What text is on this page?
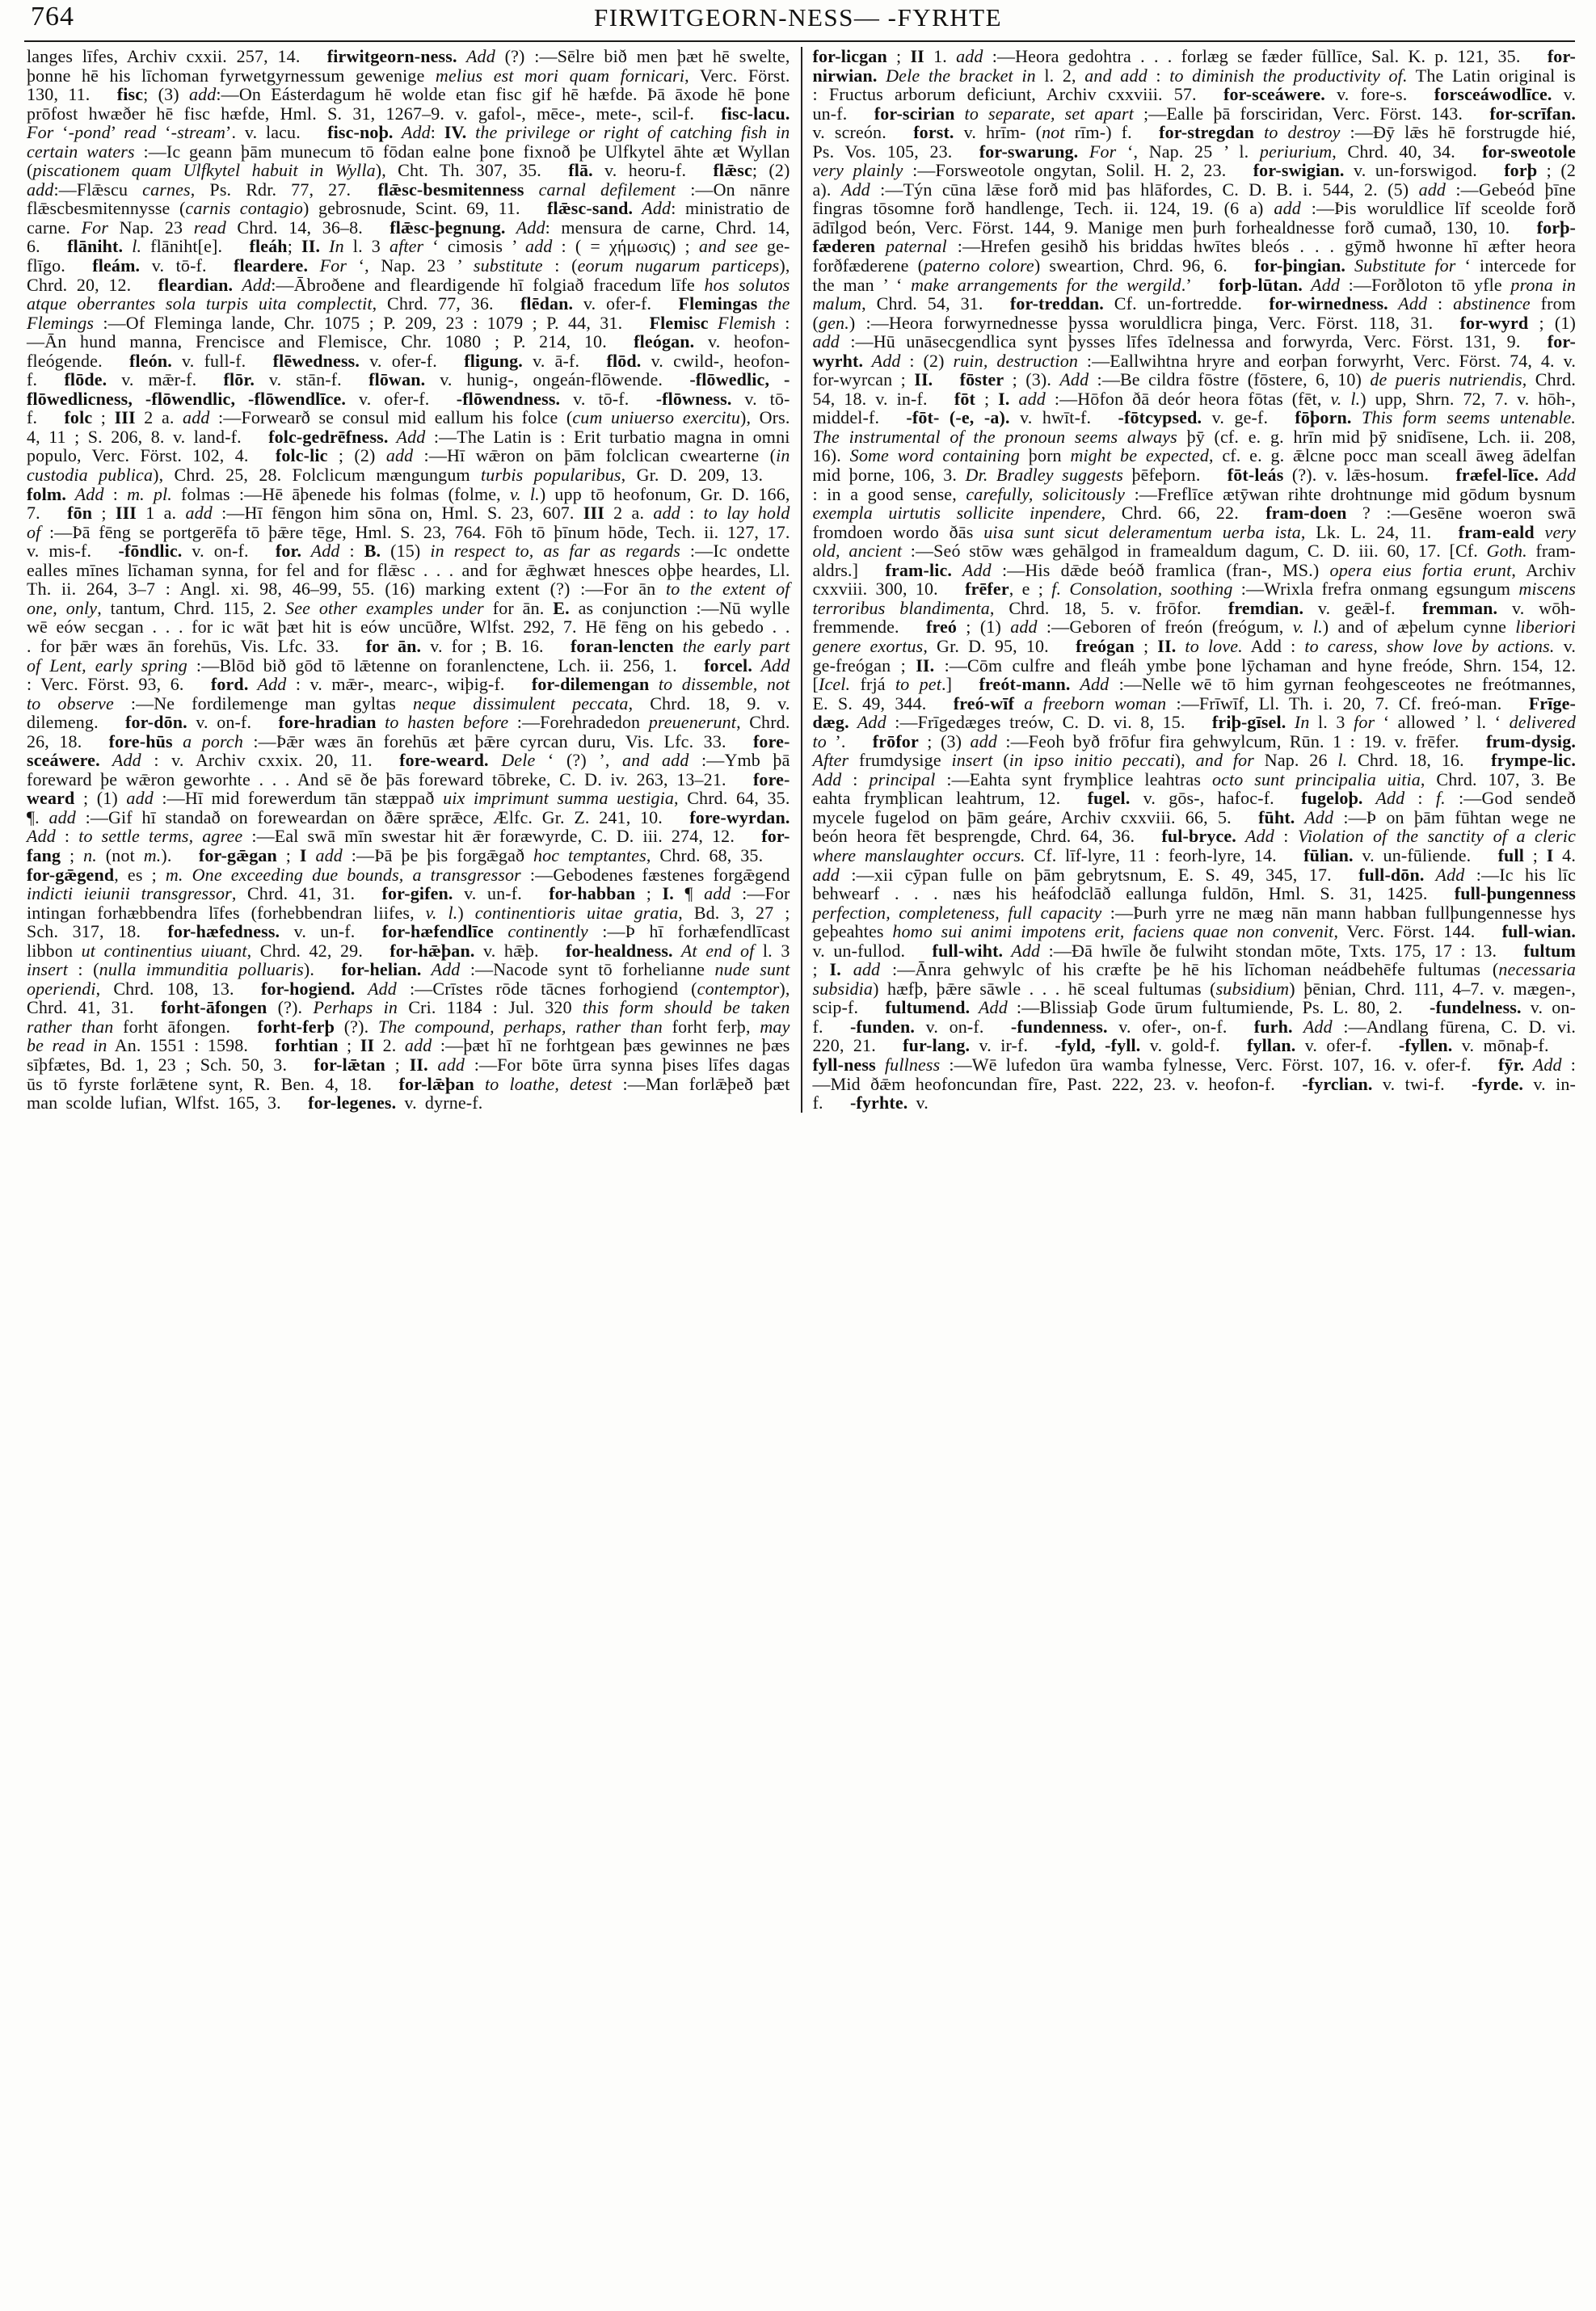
764	FIRWITGEORN-NESS— -FYRHTE
langes līfes, Archiv cxxii. 257, 14.   firwitgeorn-ness. Add (?) :—Sēlre bið men þæt hē swelte, þonne hē his līchoman fyrwetgyrnessum gewenige melius est mori quam fornicari, Verc. Först. 130, 11.   fisc; (3) add:—On Eásterdagum hē wolde etan fisc gif hē hæfde. Þā āxode hē þone prōfost hwæðer hē fisc hæfde, Hml. S. 31, 1267–9. v. gafol-, mēce-, mete-, scil-f.   fisc-lacu. For ‘-pond’ read ‘-stream’. v. lacu.   fisc-noþ. Add: IV. the privilege or right of catching fish in certain waters :—Ic geann þām munecum tō fōdan ealne þone fixnoð þe Ulfkytel āhte æt Wyllan (piscationem quam Ulfkytel habuit in Wylla), Cht. Th. 307, 35.   flā. v. heoru-f.   flǣsc; (2) add:—Flǣscu carnes, Ps. Rdr. 77, 27.   flǣsc-besmitenness carnal defilement :—On nānre flǣscbesmitennysse (carnis contagio) gebrosnude, Scint. 69, 11.   flǣsc-sand. Add: ministratio de carne. For Nap. 23 read Chrd. 14, 36–8.   flǣsc-þegnung. Add: mensura de carne, Chrd. 14, 6.   flāniht. l. flāniht[e].   fleáh; II. In l. 3 after ‘ cimosis ’ add : ( = χήμωσις) ; and see ge-flīgo.   fleám. v. tō-f.   fleardere. For ‘, Nap. 23 ’ substitute : (eorum nugarum particeps), Chrd. 20, 12.   fleardian. Add:—Ābroðene and fleardigende hī folgiað fracedum līfe hos solutos atque oberrantes sola turpis uita complectit, Chrd. 77, 36.   flēdan. v. ofer-f.   Flemingas the Flemings :—Of Fleminga lande, Chr. 1075 ; P. 209, 23 : 1079 ; P. 44, 31.   Flemisc Flemish :—Ān hund manna, Frencisce and Flemisce, Chr. 1080 ; P. 214, 10.   fleógan. v. heofon-fleógende.   fleón. v. full-f.   flēwedness. v. ofer-f.   fligung. v. ā-f.   flōd. v. cwild-, heofon-f.   flōde. v. mǣr-f.   flōr. v. stān-f.   flōwan. v. hunig-, ongeán-flōwende.   -flōwedlic, -flōwedlicness, -flōwendlic, -flōwendlīce. v. ofer-f.   -flōwendness. v. tō-f.   -flōwness. v. tō-f.   folc ; III 2 a. add :—Forwearð se consul mid eallum his folce (cum uniuerso exercitu), Ors. 4, 11 ; S. 206, 8. v. land-f.   folc-gedrēfness. Add :—The Latin is : Erit turbatio magna in omni populo, Verc. Först. 102, 4.   folc-lic ; (2) add :—Hī wǣron on þām folclican cwearterne (in custodia publica), Chrd. 25, 28. Folclicum mængungum turbis popularibus, Gr. D. 209, 13.  folm. Add : m. pl. folmas :—Hē āþenede his folmas (folme, v. l.) upp tō heofonum, Gr. D. 166, 7.   fōn ; III 1 a. add :—Hī fēngon him sōna on, Hml. S. 23, 607. III 2 a. add : to lay hold of :—Þā fēng se portgerēfa tō þǣre tēge, Hml. S. 23, 764. Fōh tō þīnum hōde, Tech. ii. 127, 17. v. mis-f.   -fōndlic. v. on-f.   for. Add : B. (15) in respect to, as far as regards :—Ic ondette ealles mīnes līchaman synna, for fel and for flǣsc . . . and for ǣghwæt hnesces oþþe heardes, Ll. Th. ii. 264, 3–7 : Angl. xi. 98, 46–99, 55. (16) marking extent (?) :—For ān to the extent of one, only, tantum, Chrd. 115, 2. See other examples under for ān. E. as conjunction :—Nū wylle wē eów secgan . . . for ic wāt þæt hit is eów uncūðre, Wlfst. 292, 7. Hē fēng on his gebedo . . . for þǣr wæs ān forehūs, Vis. Lfc. 33.   for ān. v. for ; B. 16.   foran-lencten the early part of Lent, early spring :—Blōd bið gōd tō lǣtenne on foranlenctene, Lch. ii. 256, 1.   forcel. Add : Verc. Först. 93, 6.   ford. Add : v. mǣr-, mearc-, wiþig-f.   for-dilemengan to dissemble, not to observe :—Ne fordilemenge man gyltas neque dissimulent peccata, Chrd. 18, 9. v. dilemeng.   for-dōn. v. on-f.   fore-hradian to hasten before :—Forehradedon preuenerunt, Chrd. 26, 18.   fore-hūs a porch :—Þǣr wæs ān forehūs æt þǣre cyrcan duru, Vis. Lfc. 33.   fore-sceáwere. Add : v. Archiv cxxix. 20, 11.   fore-weard. Dele ‘ (?) ’, and add :—Ymb þā foreward þe wǣron geworhte . . . And sē ðe þās foreward tōbreke, C. D. iv. 263, 13–21.   fore-weard ; (1) add :—Hī mid forewerdum tān stæppað uix imprimunt summa uestigia, Chrd. 64, 35. ¶. add :—Gif hī standað on foreweardan on ðǣre sprǣce, Ælfc. Gr. Z. 241, 10.   fore-wyrdan. Add : to settle terms, agree :—Eal swā mīn swestar hit ǣr foræwyrde, C. D. iii. 274, 12.   for-fang ; n. (not m.).   for-gǣgan ; I add :—Þā þe þis forgǣgað hoc temptantes, Chrd. 68, 35.  for-gǣgend, es ; m. One exceeding due bounds, a transgressor :—Gebodenes fæstenes forgǣgend indicti ieiunii transgressor, Chrd. 41, 31.   for-gifen. v. un-f.   for-habban ; I. ¶ add :—For intingan forhæbbendra līfes (forhebbendran liifes, v. l.) continentioris uitae gratia, Bd. 3, 27 ; Sch. 317, 18.   for-hæfedness. v. un-f.   for-hæfendlīce continently :—Þ hī forhæfendlīcast libbon ut continentius uiuant, Chrd. 42, 29.   for-hǣþan. v. hǣþ.   for-healdness. At end of l. 3 insert : (nulla immunditia polluaris).   for-helian. Add :—Nacode synt tō forhelianne nude sunt operiendi, Chrd. 108, 13.   for-hogiend. Add :—Crīstes rōde tācnes forhogiend (contemptor), Chrd. 41, 31.   forht-āfongen (?). Perhaps in Cri. 1184 : Jul. 320 this form should be taken rather than forht āfongen.   forht-ferþ (?). The compound, perhaps, rather than forht ferþ, may be read in An. 1551 : 1598.   forhtian ; II 2. add :—þæt hī ne forhtgean þæs gewinnes ne þæs sīþfætes, Bd. 1, 23 ; Sch. 50, 3.   for-lǣtan ; II. add :—For bōte ūrra synna þises līfes dagas ūs tō fyrste forlǣtene synt, R. Ben. 4, 18.   for-lǣþan to loathe, detest :—Man forlǣþeð þæt man scolde lufian, Wlfst. 165, 3.   for-legenes. v. dyrne-f.
for-licgan ; II 1. add :—Heora gedohtra . . . forlæg se fæder fūllīce, Sal. K. p. 121, 35.   for-nirwian. Dele the bracket in l. 2, and add : to diminish the productivity of. The Latin original is : Fructus arborum deficiunt, Archiv cxxviii. 57.   for-sceáwere. v. fore-s.   forsceáwodlīce. v. un-f.   for-scirian to separate, set apart ;—Ealle þā forsciridan, Verc. Först. 143.   for-scrīfan. v. screón.   forst. v. hrīm- (not rīm-) f.   for-stregdan to destroy :—Ðȳ lǣs hē forstrugde hié, Ps. Vos. 105, 23.   for-swarung. For ‘, Nap. 25 ’ l. periurium, Chrd. 40, 34.   for-sweotole very plainly :—Forsweotole ongytan, Solil. H. 2, 23.   for-swigian. v. un-forswigod.   forþ ; (2 a). Add :—Týn cūna lǣse forð mid þas hlāfordes, C. D. B. i. 544, 2. (5) add :—Gebeód þīne fingras tōsomne forð handlenge, Tech. ii. 124, 19. (6 a) add :—Þis woruldlice līf sceolde forð ādīlgod beón, Verc. Först. 144, 9. Manige men þurh forhealdnesse forð cumað, 130, 10.   forþ-fæderen paternal :—Hrefen gesihð his briddas hwītes bleós . . . gȳmð hwonne hī æfter heora forðfæderene (paterno colore) sweartion, Chrd. 96, 6.   for-þingian. Substitute for ‘ intercede for the man ’ ‘ make arrangements for the wergild.’   forþ-lūtan. Add :—Forðloton tō yfle prona in malum, Chrd. 54, 31.   for-treddan. Cf. un-fortredde.   for-wirnedness. Add : abstinence from (gen.) :—Heora forwyrnednesse þyssa woruldlicra þinga, Verc. Först. 118, 31.   for-wyrd ; (1) add :—Hū unāsecgendlica synt þysses līfes īdelnessa and forwyrda, Verc. Först. 131, 9.   for-wyrht. Add : (2) ruin, destruction :—Eallwihtna hryre and eorþan forwyrht, Verc. Först. 74, 4. v. for-wyrcan ; II.   fōster ; (3). Add :—Be cildra fōstre (fōstere, 6, 10) de pueris nutriendis, Chrd. 54, 18. v. in-f.   fōt ; I. add :—Hōfon ðā deór heora fōtas (fēt, v. l.) upp, Shrn. 72, 7. v. hōh-, middel-f.   -fōt- (-e, -a). v. hwīt-f.   -fōtcypsed. v. ge-f.   fōþorn. This form seems untenable. The instrumental of the pronoun seems always þȳ (cf. e. g. hrīn mid þȳ snidīsene, Lch. ii. 208, 16). Some word containing þorn might be expected, cf. e. g. ǣlcne pocc man sceall āweg ādelfan mid þorne, 106, 3. Dr. Bradley suggests þēfeþorn.   fōt-leás (?). v. lǣs-hosum.   fræfel-līce. Add : in a good sense, carefully, solicitously :—Freflīce ætȳwan rihte drohtnunge mid gōdum bysnum exempla uirtutis sollicite inpendere, Chrd. 66, 22.   fram-doen ? :—Gesēne woeron swā fromdoen wordo ðās uisa sunt sicut deleramentum uerba ista, Lk. L. 24, 11.   fram-eald very old, ancient :—Seó stōw wæs gehālgod in framealdum dagum, C. D. iii. 60, 17. [Cf. Goth. fram-aldrs.]   fram-lic. Add :—His dǣde beóð framlica (fran-, MS.) opera eius fortia erunt, Archiv cxxviii. 300, 10.   frēfer, e ; f. Consolation, soothing :—Wrixla frefra onmang egsungum miscens terroribus blandimenta, Chrd. 18, 5. v. frōfor.   fremdian. v. geǣl-f.   fremman. v. wōh-fremmende.   freó ; (1) add :—Geboren of freón (freógum, v. l.) and of æþelum cynne liberiori genere exortus, Gr. D. 95, 10.   freógan ; II. to love. Add : to caress, show love by actions. v. ge-freógan ; II. :—Cōm culfre and fleáh ymbe þone lȳchaman and hyne freóde, Shrn. 154, 12. [Icel. frjá to pet.]   freót-mann. Add :—Nelle wē tō him gyrnan feohgesceotes ne freótmannes, E. S. 49, 344.   freó-wīf a freeborn woman :—Frīwīf, Ll. Th. i. 20, 7. Cf. freó-man.   Frīge-dæg. Add :—Frīgedæges treów, C. D. vi. 8, 15.   friþ-gīsel. In l. 3 for ‘ allowed ’ l. ‘ delivered to ’.   frōfor ; (3) add :—Feoh byð frōfur fira gehwylcum, Rūn. 1 : 19. v. frēfer.   frum-dysig. After frumdysige insert (in ipso initio peccati), and for Nap. 26 l. Chrd. 18, 16.   frympe-lic. Add : principal :—Eahta synt frymþlice leahtras octo sunt principalia uitia, Chrd. 107, 3. Be eahta frymþlican leahtrum, 12.   fugel. v. gōs-, hafoc-f.   fugeloþ. Add : f. :—God sendeð mycele fugelod on þām geáre, Archiv cxxviii. 66, 5.   fūht. Add :—Þ on þām fūhtan wege ne beón heora fēt besprengde, Chrd. 64, 36.   ful-bryce. Add : Violation of the sanctity of a cleric where manslaughter occurs. Cf. līf-lyre, 11 : feorh-lyre, 14.   fūlian. v. un-fūliende.   full ; I 4. add :—xii cȳpan fulle on þām gebrytsnum, E. S. 49, 345, 17.   full-dōn. Add :—Ic his līc behwearf . . . næs his heáfodclāð eallunga fuldōn, Hml. S. 31, 1425.   full-þungenness perfection, completeness, full capacity :—Þurh yrre ne mæg nān mann habban fullþungennesse hys geþeahtes homo sui animi impotens erit, faciens quae non convenit, Verc. Först. 144.   full-wian. v. un-fullod.   full-wiht. Add :—Ðā hwīle ðe fulwiht stondan mōte, Txts. 175, 17 : 13.   fultum ; I. add :—Ānra gehwylc of his cræfte þe hē his līchoman neádbehēfe fultumas (necessaria subsidia) hæfþ, þǣre sāwle . . . hē sceal fultumas (subsidium) þēnian, Chrd. 111, 4–7. v. mægen-, scip-f.   fultumend. Add :—Blissiaþ Gode ūrum fultumiende, Ps. L. 80, 2.   -fundelness. v. on-f.   -funden. v. on-f.   -fundenness. v. ofer-, on-f.   furh. Add :—Andlang fūrena, C. D. vi. 220, 21.   fur-lang. v. ir-f.   -fyld, -fyll. v. gold-f.   fyllan. v. ofer-f.   -fyllen. v. mōnaþ-f.  fyll-ness fullness :—Wē lufedon ūra wamba fylnesse, Verc. Först. 107, 16. v. ofer-f.   fȳr. Add :—Mid ðǣm heofoncundan fīre, Past. 222, 23. v. heofon-f.   -fyrclian. v. twi-f.   -fyrde. v. in-f.   -fyrhte. v.
